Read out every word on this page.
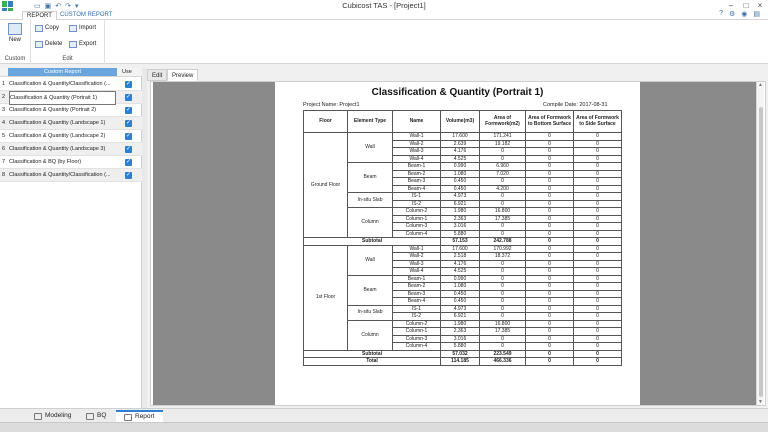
▭ ▣ ↶ ↷ ▾	Cubicost TAS - [Project1]	–	□	×
REPORT	CUSTOM REPORT	? ⚙ ◉ ▤
New
Custom
Copy
Delete
Import
Export
Edit
Custom Report	Use
1 Classification & Quantity/Classification (...	✓
2 Classification & Quantity (Portrait 1)	✓
3 Classification & Quantity (Portrait 2)	✓
4 Classification & Quantity (Landscape 1)	✓
5 Classification & Quantity (Landscape 2)	✓
6 Classification & Quantity (Landscape 3)	✓
7 Classification & BQ (by Floor)	✓
8 Classification & Quantity/Classification (...	✓
Edit	Preview
Classification & Quantity (Portrait 1)
Project Name: Project1	Compile Date: 2017-08-31
Floor	Element Type	Name	Volume(m3)	Area of Formwork(m2)	Area of Formwork to Bottom Surface	Area of Formwork to Side Surface
Ground Floor	Wall	Wall-1	17.600	171.241	0	0
		Wall-2	2.639	19.182	0	0
		Wall-3	4.176	0	0	0
		Wall-4	4.525	0	0	0
	Beam	Beam-1	0.990	6.960	0	0
		Beam-2	1.080	7.020	0	0
		Beam-3	0.450	0	0	0
		Beam-4	0.450	4.200	0	0
	In-situ Slab	IS-1	4.973	0	0	0
		IS-2	6.921	0	0	0
	Column	Column-2	1.980	16.800	0	0
		Column-1	2.363	17.385	0	0
		Column-3	3.016	0	0	0
		Column-4	5.880	0	0	0
Subtotal			57.153	242.788	0	0
1st Floor	Wall	Wall-1	17.600	170.992	0	0
		Wall-2	2.518	18.372	0	0
		Wall-3	4.176	0	0	0
		Wall-4	4.525	0	0	0
	Beam	Beam-1	0.990	0	0	0
		Beam-2	1.080	0	0	0
		Beam-3	0.450	0	0	0
		Beam-4	0.450	0	0	0
	In-situ Slab	IS-1	4.973	0	0	0
		IS-2	6.921	0	0	0
	Column	Column-2	1.980	16.800	0	0
		Column-1	2.363	17.385	0	0
		Column-3	3.016	0	0	0
		Column-4	5.880	0	0	0
Subtotal			57.032	223.549	0	0
Total			114.185	466.336	0	0
▲
▼
Modeling	BQ	Report
